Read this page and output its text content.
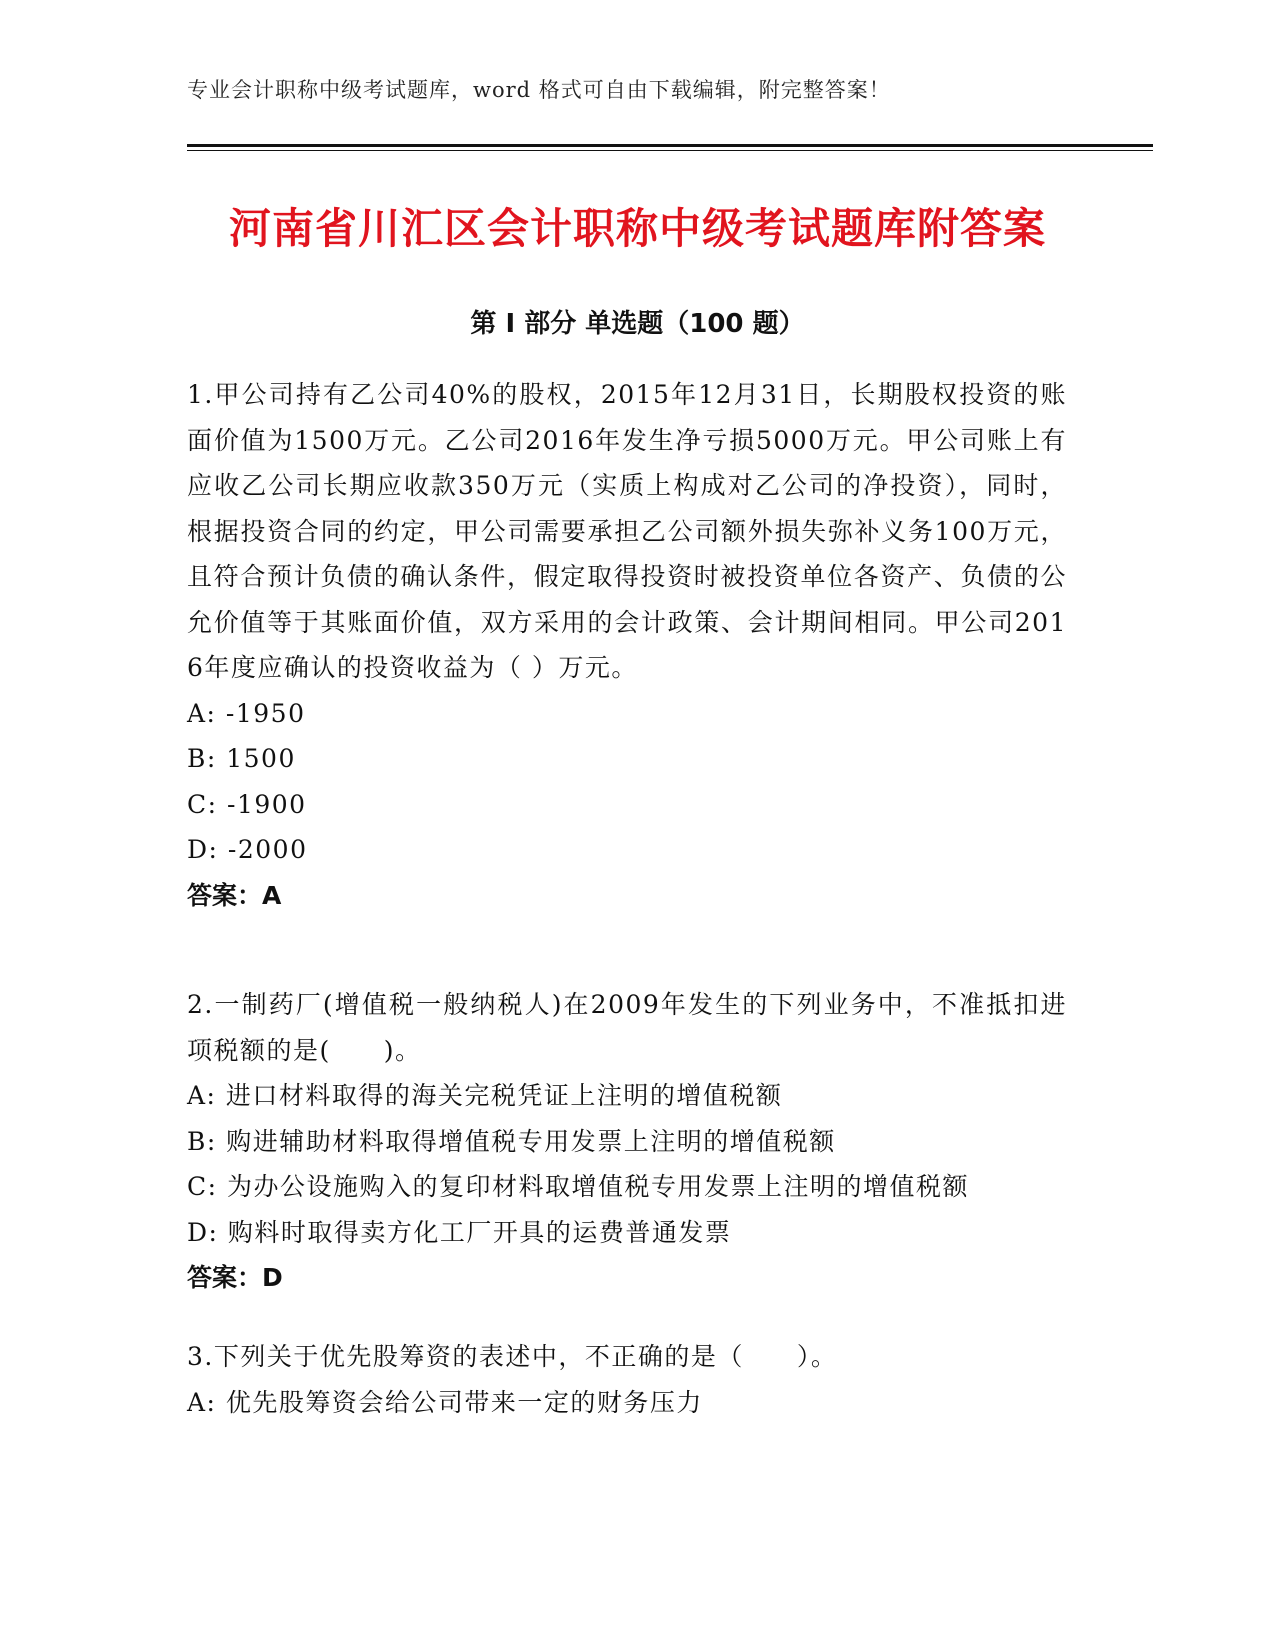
专业会计职称中级考试题库，word 格式可自由下载编辑，附完整答案！
河南省川汇区会计职称中级考试题库附答案
第 I 部分 单选题（100 题）
1.甲公司持有乙公司40%的股权，2015年12月31日，长期股权投资的账面价值为1500万元。乙公司2016年发生净亏损5000万元。甲公司账上有应收乙公司长期应收款350万元（实质上构成对乙公司的净投资），同时，根据投资合同的约定，甲公司需要承担乙公司额外损失弥补义务100万元，且符合预计负债的确认条件，假定取得投资时被投资单位各资产、负债的公允价值等于其账面价值，双方采用的会计政策、会计期间相同。甲公司2016年度应确认的投资收益为（ ）万元。
A: -1950
B: 1500
C: -1900
D: -2000
答案：A
2.一制药厂(增值税一般纳税人)在2009年发生的下列业务中，不准抵扣进项税额的是(　　)。
A: 进口材料取得的海关完税凭证上注明的增值税额
B: 购进辅助材料取得增值税专用发票上注明的增值税额
C: 为办公设施购入的复印材料取增值税专用发票上注明的增值税额
D: 购料时取得卖方化工厂开具的运费普通发票
答案：D
3.下列关于优先股筹资的表述中，不正确的是（　　）。
A: 优先股筹资会给公司带来一定的财务压力
